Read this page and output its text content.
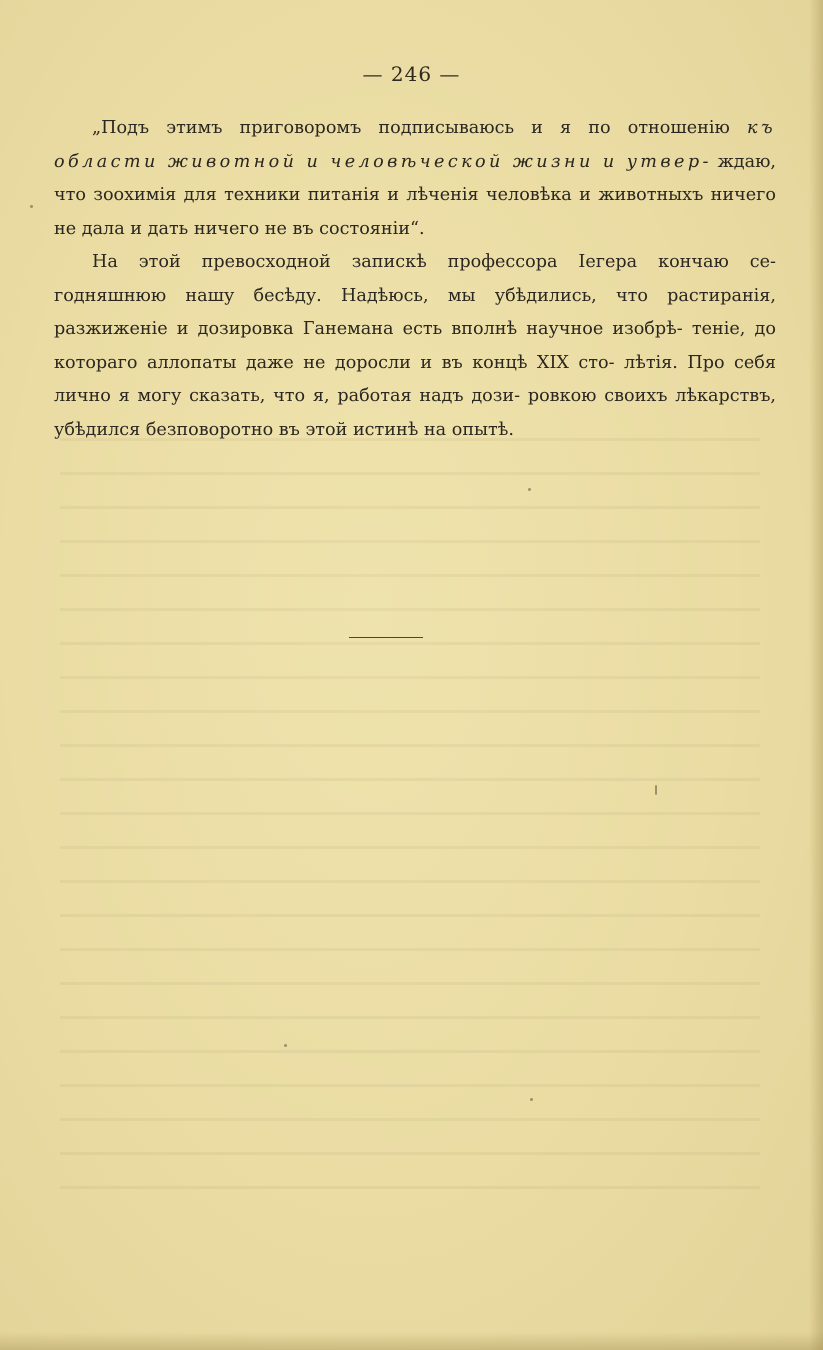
— 246 —

„Подъ этимъ приговоромъ подписываюсь и я по отношенію къ области животной и человѣческой жизни и утвер- ждаю, что зоохимія для техники питанія и лѣченія человѣка и животныхъ ничего не дала и дать ничего не въ состояніи“.

На этой превосходной запискѣ профессора Іегера кончаю се- годняшнюю нашу бесѣду. Надѣюсь, мы убѣдились, что растиранія, разжиженіе и дозировка Ганемана есть вполнѣ научное изобрѣ- теніе, до котораго аллопаты даже не доросли и въ концѣ XIX сто- лѣтія. Про себя лично я могу сказать, что я, работая надъ дози- ровкою своихъ лѣкарствъ, убѣдился безповоротно въ этой истинѣ на опытѣ.
